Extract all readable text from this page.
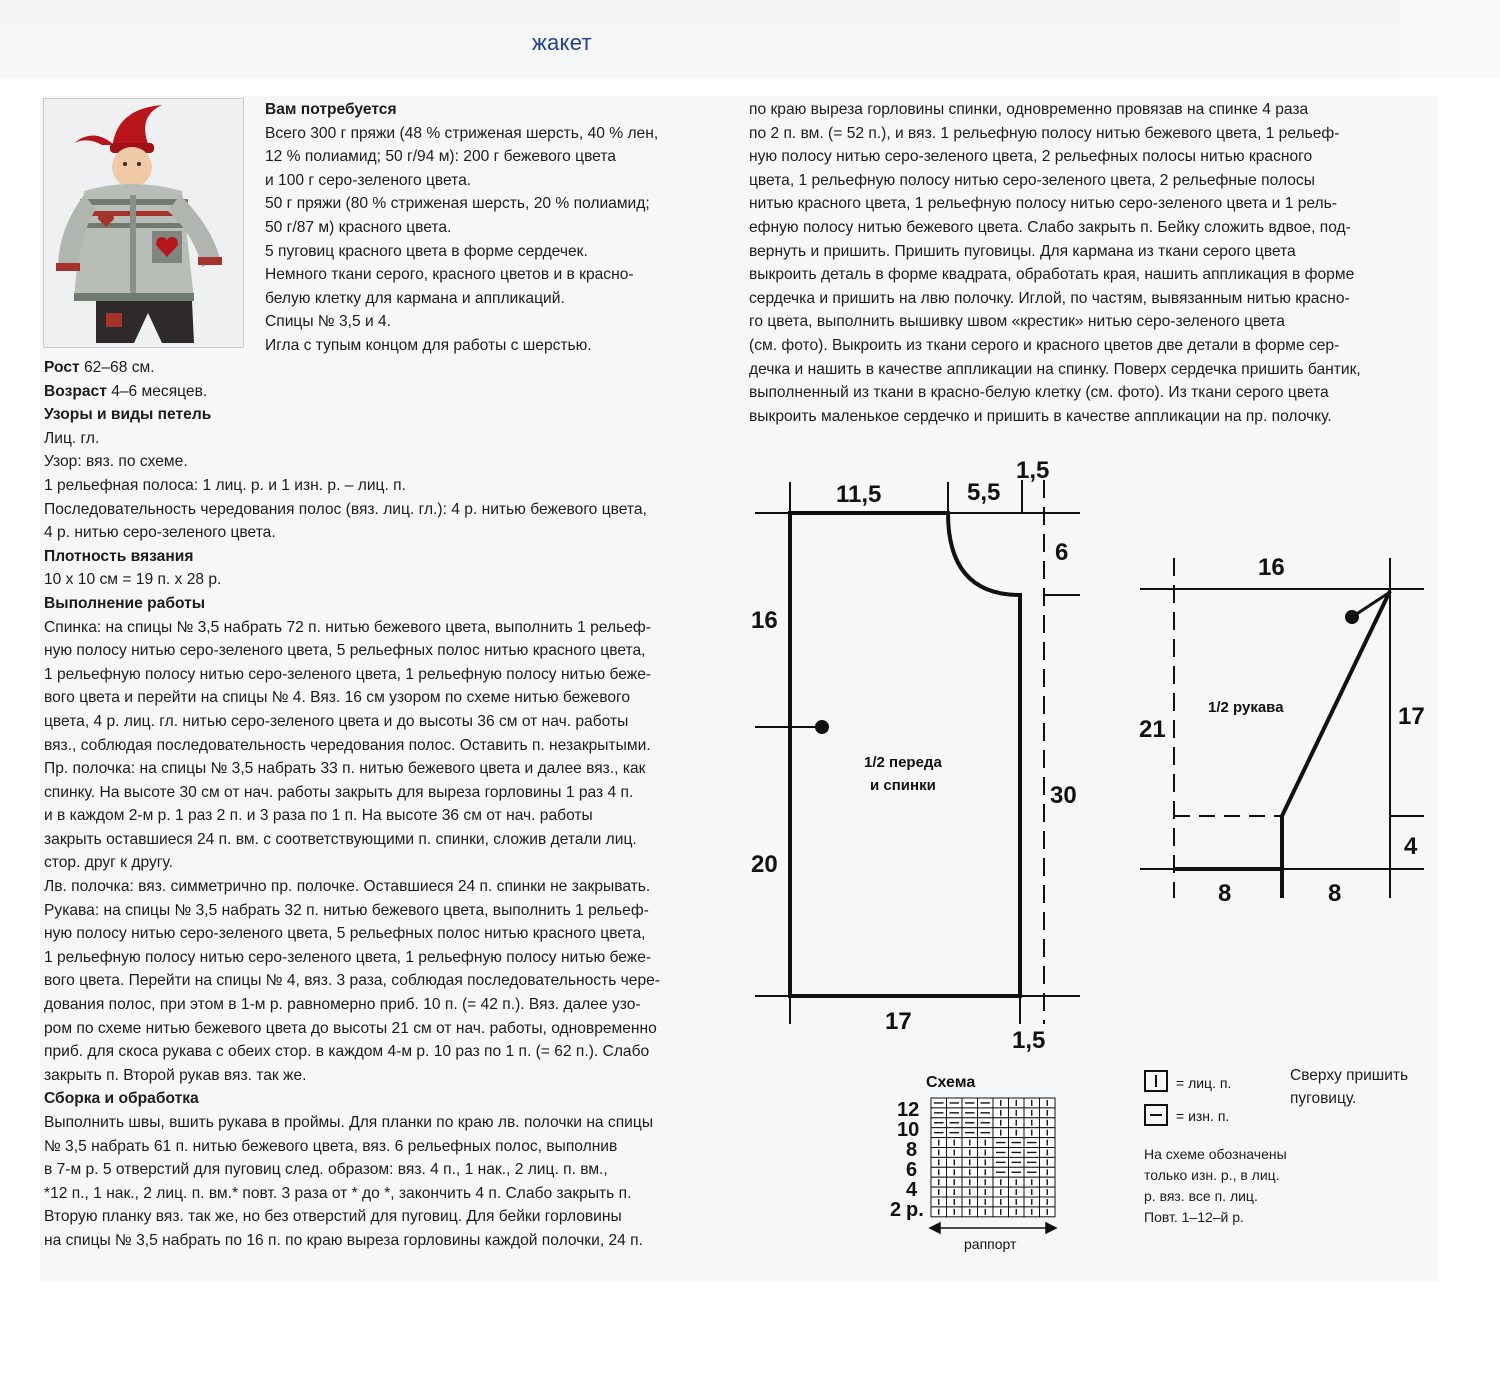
жакет

Вам потребуется

Всего 300 г пряжи (48 % стриженая шерсть, 40 % лен,

12 % полиамид; 50 г/94 м): 200 г бежевого цвета

и 100 г серо-зеленого цвета.

50 г пряжи (80 % стриженая шерсть, 20 % полиамид;

50 г/87 м) красного цвета.

5 пуговиц красного цвета в форме сердечек.

Немного ткани серого, красного цветов и в красно-

белую клетку для кармана и аппликаций.

Спицы № 3,5 и 4.

Игла с тупым концом для работы с шерстью.

Рост 62–68 см.

Возраст 4–6 месяцев.

Узоры и виды петель

Лиц. гл.

Узор: вяз. по схеме.

1 рельефная полоса: 1 лиц. р. и 1 изн. р. – лиц. п.

Последовательность чередования полос (вяз. лиц. гл.): 4 р. нитью бежевого цвета,

4 р. нитью серо-зеленого цвета.

Плотность вязания

10 х 10 см = 19 п. х 28 р.

Выполнение работы

Спинка: на спицы № 3,5 набрать 72 п. нитью бежевого цвета, выполнить 1 рельеф-

ную полосу нитью серо-зеленого цвета, 5 рельефных полос нитью красного цвета,

1 рельефную полосу нитью серо-зеленого цвета, 1 рельефную полосу нитью беже-

вого цвета и перейти на спицы № 4. Вяз. 16 см узором по схеме нитью бежевого

цвета, 4 р. лиц. гл. нитью серо-зеленого цвета и до высоты 36 см от нач. работы

вяз., соблюдая последовательность чередования полос. Оставить п. незакрытыми.

Пр. полочка: на спицы № 3,5 набрать 33 п. нитью бежевого цвета и далее вяз., как

спинку. На высоте 30 см от нач. работы закрыть для выреза горловины 1 раз 4 п.

и в каждом 2-м р. 1 раз 2 п. и 3 раза по 1 п. На высоте 36 см от нач. работы

закрыть оставшиеся 24 п. вм. с соответствующими п. спинки, сложив детали лиц.

стор. друг к другу.

Лв. полочка: вяз. симметрично пр. полочке. Оставшиеся 24 п. спинки не закрывать.

Рукава: на спицы № 3,5 набрать 32 п. нитью бежевого цвета, выполнить 1 рельеф-

ную полосу нитью серо-зеленого цвета, 5 рельефных полос нитью красного цвета,

1 рельефную полосу нитью серо-зеленого цвета, 1 рельефную полосу нитью беже-

вого цвета. Перейти на спицы № 4, вяз. 3 раза, соблюдая последовательность чере-

дования полос, при этом в 1-м р. равномерно приб. 10 п. (= 42 п.). Вяз. далее узо-

ром по схеме нитью бежевого цвета до высоты 21 см от нач. работы, одновременно

приб. для скоса рукава с обеих стор. в каждом 4-м р. 10 раз по 1 п. (= 62 п.). Слабо

закрыть п. Второй рукав вяз. так же.

Сборка и обработка

Выполнить швы, вшить рукава в проймы. Для планки по краю лв. полочки на спицы

№ 3,5 набрать 61 п. нитью бежевого цвета, вяз. 6 рельефных полос, выполнив

в 7-м р. 5 отверстий для пуговиц след. образом: вяз. 4 п., 1 нак., 2 лиц. п. вм.,

*12 п., 1 нак., 2 лиц. п. вм.* повт. 3 раза от * до *, закончить 4 п. Слабо закрыть п.

Вторую планку вяз. так же, но без отверстий для пуговиц. Для бейки горловины

на спицы № 3,5 набрать по 16 п. по краю выреза горловины каждой полочки, 24 п.

по краю выреза горловины спинки, одновременно провязав на спинке 4 раза

по 2 п. вм. (= 52 п.), и вяз. 1 рельефную полосу нитью бежевого цвета, 1 рельеф-

ную полосу нитью серо-зеленого цвета, 2 рельефных полосы нитью красного

цвета, 1 рельефную полосу нитью серо-зеленого цвета, 2 рельефные полосы

нитью красного цвета, 1 рельефную полосу нитью серо-зеленого цвета и 1 рель-

ефную полосу нитью бежевого цвета. Слабо закрыть п. Бейку сложить вдвое, под-

вернуть и пришить. Пришить пуговицы. Для кармана из ткани серого цвета

выкроить деталь в форме квадрата, обработать края, нашить аппликация в форме

сердечка и пришить на лвю полочку. Иглой, по частям, вывязанным нитью красно-

го цвета, выполнить вышивку швом «крестик» нитью серо-зеленого цвета

(см. фото). Выкроить из ткани серого и красного цветов две детали в форме сер-

дечка и нашить в качестве аппликации на спинку. Поверх сердечка пришить бантик,

выполненный из ткани в красно-белую клетку (см. фото). Из ткани серого цвета

выкроить маленькое сердечко и пришить в качестве аппликации на пр. полочку.

11,5	5,5
1,5
6
16
20
30
17
1,5
1/2 переда
и спинки
16
21	17
4
8	8
1/2 рукава
Схема
12
10
8
6
4
2 р.
раппорт
= лиц. п.
= изн. п.
Сверху пришить
пуговицу.
На схеме обозначены
только изн. р., в лиц.
р. вяз. все п. лиц.
Повт. 1–12–й р.
